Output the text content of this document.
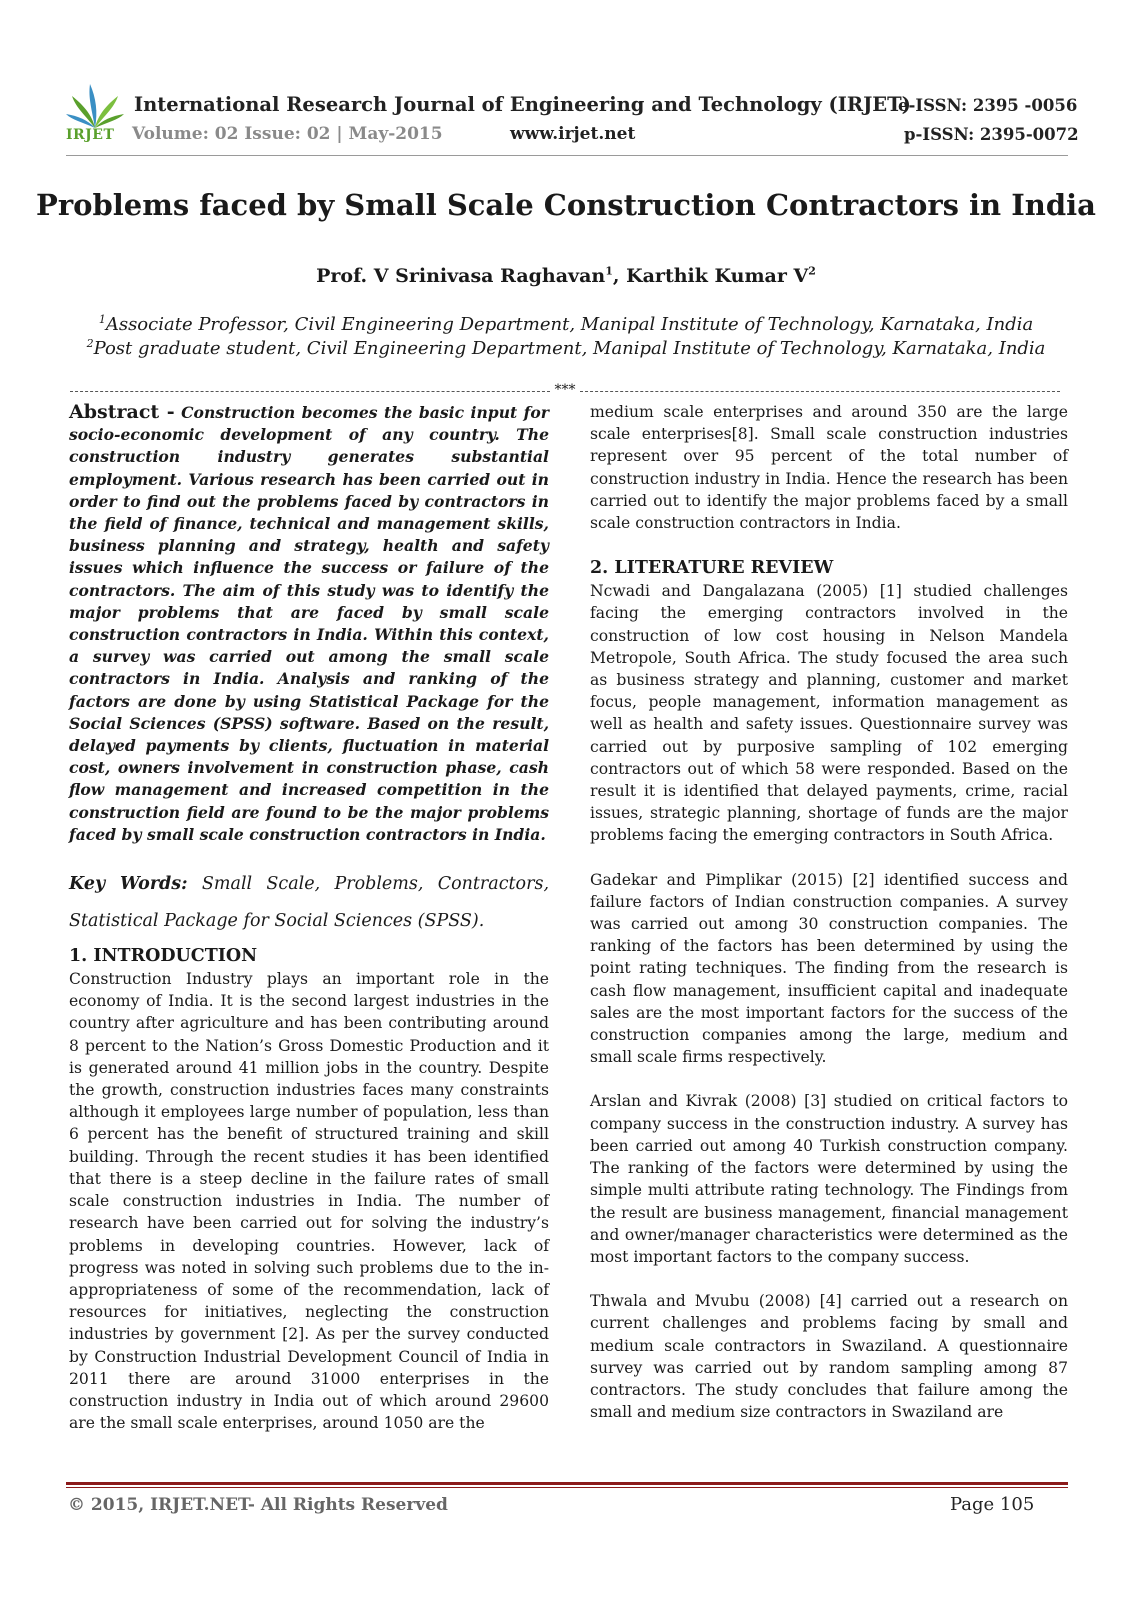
IRJET
International Research Journal of Engineering and Technology (IRJET)
Volume: 02 Issue: 02 | May-2015	www.irjet.net
e-ISSN: 2395 -0056
p-ISSN: 2395-0072
Problems faced by Small Scale Construction Contractors in India
Prof. V Srinivasa Raghavan$^1$, Karthik Kumar $V^2$
$^1$Associate Professor, Civil Engineering Department, Manipal Institute of Technology, Karnataka, India
$^2$Post graduate student, Civil Engineering Department, Manipal Institute of Technology, Karnataka, India
***

Abstract - Construction becomes the basic input for socio-economic development of any country. The construction industry generates substantial employment. Various research has been carried out in order to find out the problems faced by contractors in the field of finance, technical and management skills, business planning and strategy, health and safety issues which influence the success or failure of the contractors. The aim of this study was to identify the major problems that are faced by small scale construction contractors in India. Within this context, a survey was carried out among the small scale contractors in India. Analysis and ranking of the factors are done by using Statistical Package for the Social Sciences (SPSS) software. Based on the result, delayed payments by clients, fluctuation in material cost, owners involvement in construction phase, cash flow management and increased competition in the construction field are found to be the major problems faced by small scale construction contractors in India.

Key Words: Small Scale, Problems, Contractors, Statistical Package for Social Sciences (SPSS).

1. INTRODUCTION

Construction Industry plays an important role in the economy of India. It is the second largest industries in the country after agriculture and has been contributing around 8 percent to the Nation’s Gross Domestic Production and it is generated around 41 million jobs in the country. Despite the growth, construction industries faces many constraints although it employees large number of population, less than 6 percent has the benefit of structured training and skill building. Through the recent studies it has been identified that there is a steep decline in the failure rates of small scale construction industries in India. The number of research have been carried out for solving the industry’s problems in developing countries. However, lack of progress was noted in solving such problems due to the in-appropriateness of some of the recommendation, lack of resources for initiatives, neglecting the construction industries by government [2]. As per the survey conducted by Construction Industrial Development Council of India in 2011 there are around 31000 enterprises in the construction industry in India out of which around 29600 are the small scale enterprises, around 1050 are the

medium scale enterprises and around 350 are the large scale enterprises[8]. Small scale construction industries represent over 95 percent of the total number of construction industry in India. Hence the research has been carried out to identify the major problems faced by a small scale construction contractors in India.

2. LITERATURE REVIEW

Ncwadi and Dangalazana (2005) [1] studied challenges facing the emerging contractors involved in the construction of low cost housing in Nelson Mandela Metropole, South Africa. The study focused the area such as business strategy and planning, customer and market focus, people management, information management as well as health and safety issues. Questionnaire survey was carried out by purposive sampling of 102 emerging contractors out of which 58 were responded. Based on the result it is identified that delayed payments, crime, racial issues, strategic planning, shortage of funds are the major problems facing the emerging contractors in South Africa.

Gadekar and Pimplikar (2015) [2] identified success and failure factors of Indian construction companies. A survey was carried out among 30 construction companies. The ranking of the factors has been determined by using the point rating techniques. The finding from the research is cash flow management, insufficient capital and inadequate sales are the most important factors for the success of the construction companies among the large, medium and small scale firms respectively.

Arslan and Kivrak (2008) [3] studied on critical factors to company success in the construction industry. A survey has been carried out among 40 Turkish construction company. The ranking of the factors were determined by using the simple multi attribute rating technology. The Findings from the result are business management, financial management and owner/manager characteristics were determined as the most important factors to the company success.

Thwala and Mvubu (2008) [4] carried out a research on current challenges and problems facing by small and medium scale contractors in Swaziland. A questionnaire survey was carried out by random sampling among 87 contractors. The study concludes that failure among the small and medium size contractors in Swaziland are

© 2015, IRJET.NET- All Rights Reserved	Page 105
